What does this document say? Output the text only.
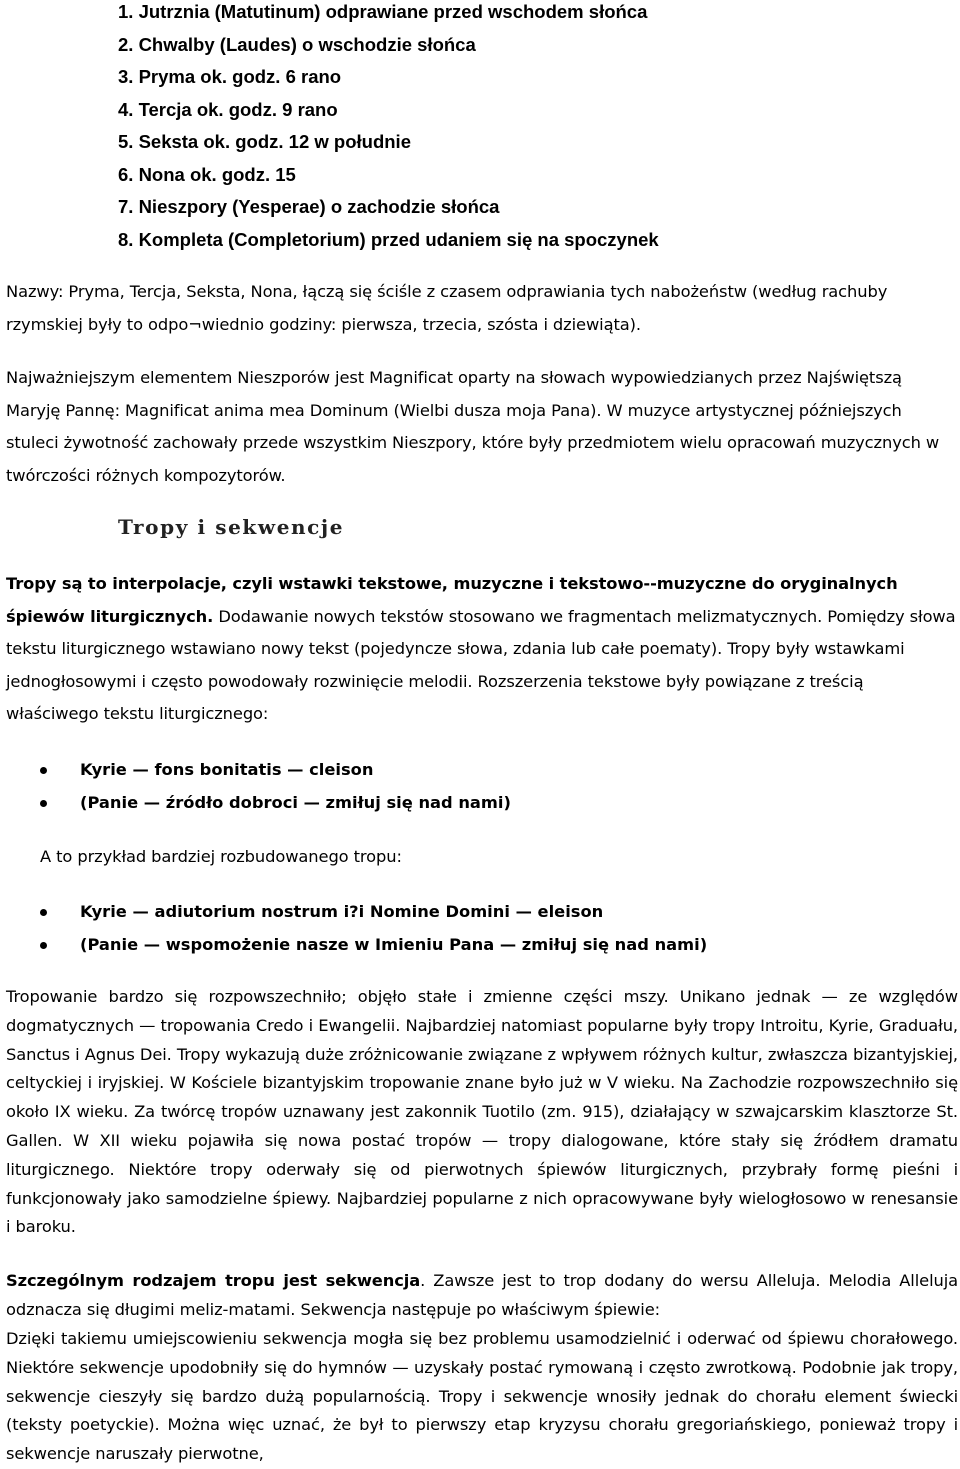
1. Jutrznia (Matutinum) odprawiane przed wschodem słońca
2. Chwalby (Laudes) o wschodzie słońca
3. Pryma ok. godz. 6 rano
4. Tercja ok. godz. 9 rano
5. Seksta ok. godz. 12 w południe
6. Nona ok. godz. 15
7. Nieszpory (Yesperae) o zachodzie słońca
8. Kompleta (Completorium) przed udaniem się na spoczynek

Nazwy: Pryma, Tercja, Seksta, Nona, łączą się ściśle z czasem odprawiania tych nabożeństw (według rachuby rzymskiej były to odpo¬wiednio godziny: pierwsza, trzecia, szósta i dziewiąta).

Najważniejszym elementem Nieszporów jest Magnificat oparty na słowach wypowiedzianych przez Najświętszą Maryję Pannę: Magnificat anima mea Dominum (Wielbi dusza moja Pana). W muzyce artystycznej późniejszych stuleci żywotność zachowały przede wszystkim Nieszpory, które były przedmiotem wielu opracowań muzycznych w twórczości różnych kompozytorów.

Tropy i sekwencje

Tropy są to interpolacje, czyli wstawki tekstowe, muzyczne i tekstowo--muzyczne do oryginalnych śpiewów liturgicznych. Dodawanie nowych tekstów stosowano we fragmentach melizmatycznych. Pomiędzy słowa tekstu liturgicznego wstawiano nowy tekst (pojedyncze słowa, zdania lub całe poematy). Tropy były wstawkami jednogłosowymi i często powodowały rozwinięcie melodii. Rozszerzenia tekstowe były powiązane z treścią właściwego tekstu liturgicznego:

Kyrie — fons bonitatis — cleison
(Panie — źródło dobroci — zmiłuj się nad nami)

A to przykład bardziej rozbudowanego tropu:

Kyrie — adiutorium nostrum i?i Nomine Domini — eleison
(Panie — wspomożenie nasze w Imieniu Pana — zmiłuj się nad nami)

Tropowanie bardzo się rozpowszechniło; objęło stałe i zmienne części mszy. Unikano jednak — ze względów dogmatycznych — tropowania Credo i Ewangelii. Najbardziej natomiast popularne były tropy Introitu, Kyrie, Graduału, Sanctus i Agnus Dei. Tropy wykazują duże zróżnicowanie związane z wpływem różnych kultur, zwłaszcza bizantyjskiej, celtyckiej i iryjskiej. W Kościele bizantyjskim tropowanie znane było już w V wieku. Na Zachodzie rozpowszechniło się około IX wieku. Za twórcę tropów uznawany jest zakonnik Tuotilo (zm. 915), działający w szwajcarskim klasztorze St. Gallen. W XII wieku pojawiła się nowa postać tropów — tropy dialogowane, które stały się źródłem dramatu liturgicznego. Niektóre tropy oderwały się od pierwotnych śpiewów liturgicznych, przybrały formę pieśni i funkcjonowały jako samodzielne śpiewy. Najbardziej popularne z nich opracowywane były wielogłosowo w renesansie i baroku.

Szczególnym rodzajem tropu jest sekwencja. Zawsze jest to trop dodany do wersu Alleluja. Melodia Alleluja odznacza się długimi meliz-matami. Sekwencja następuje po właściwym śpiewie:

Dzięki takiemu umiejscowieniu sekwencja mogła się bez problemu usamodzielnić i oderwać od śpiewu chorałowego. Niektóre sekwencje upodobniły się do hymnów — uzyskały postać rymowaną i często zwrotkową. Podobnie jak tropy, sekwencje cieszyły się bardzo dużą popularnością. Tropy i sekwencje wnosiły jednak do chorału element świecki (teksty poetyckie). Można więc uznać, że był to pierwszy etap kryzysu chorału gregoriańskiego, ponieważ tropy i sekwencje naruszały pierwotne,
